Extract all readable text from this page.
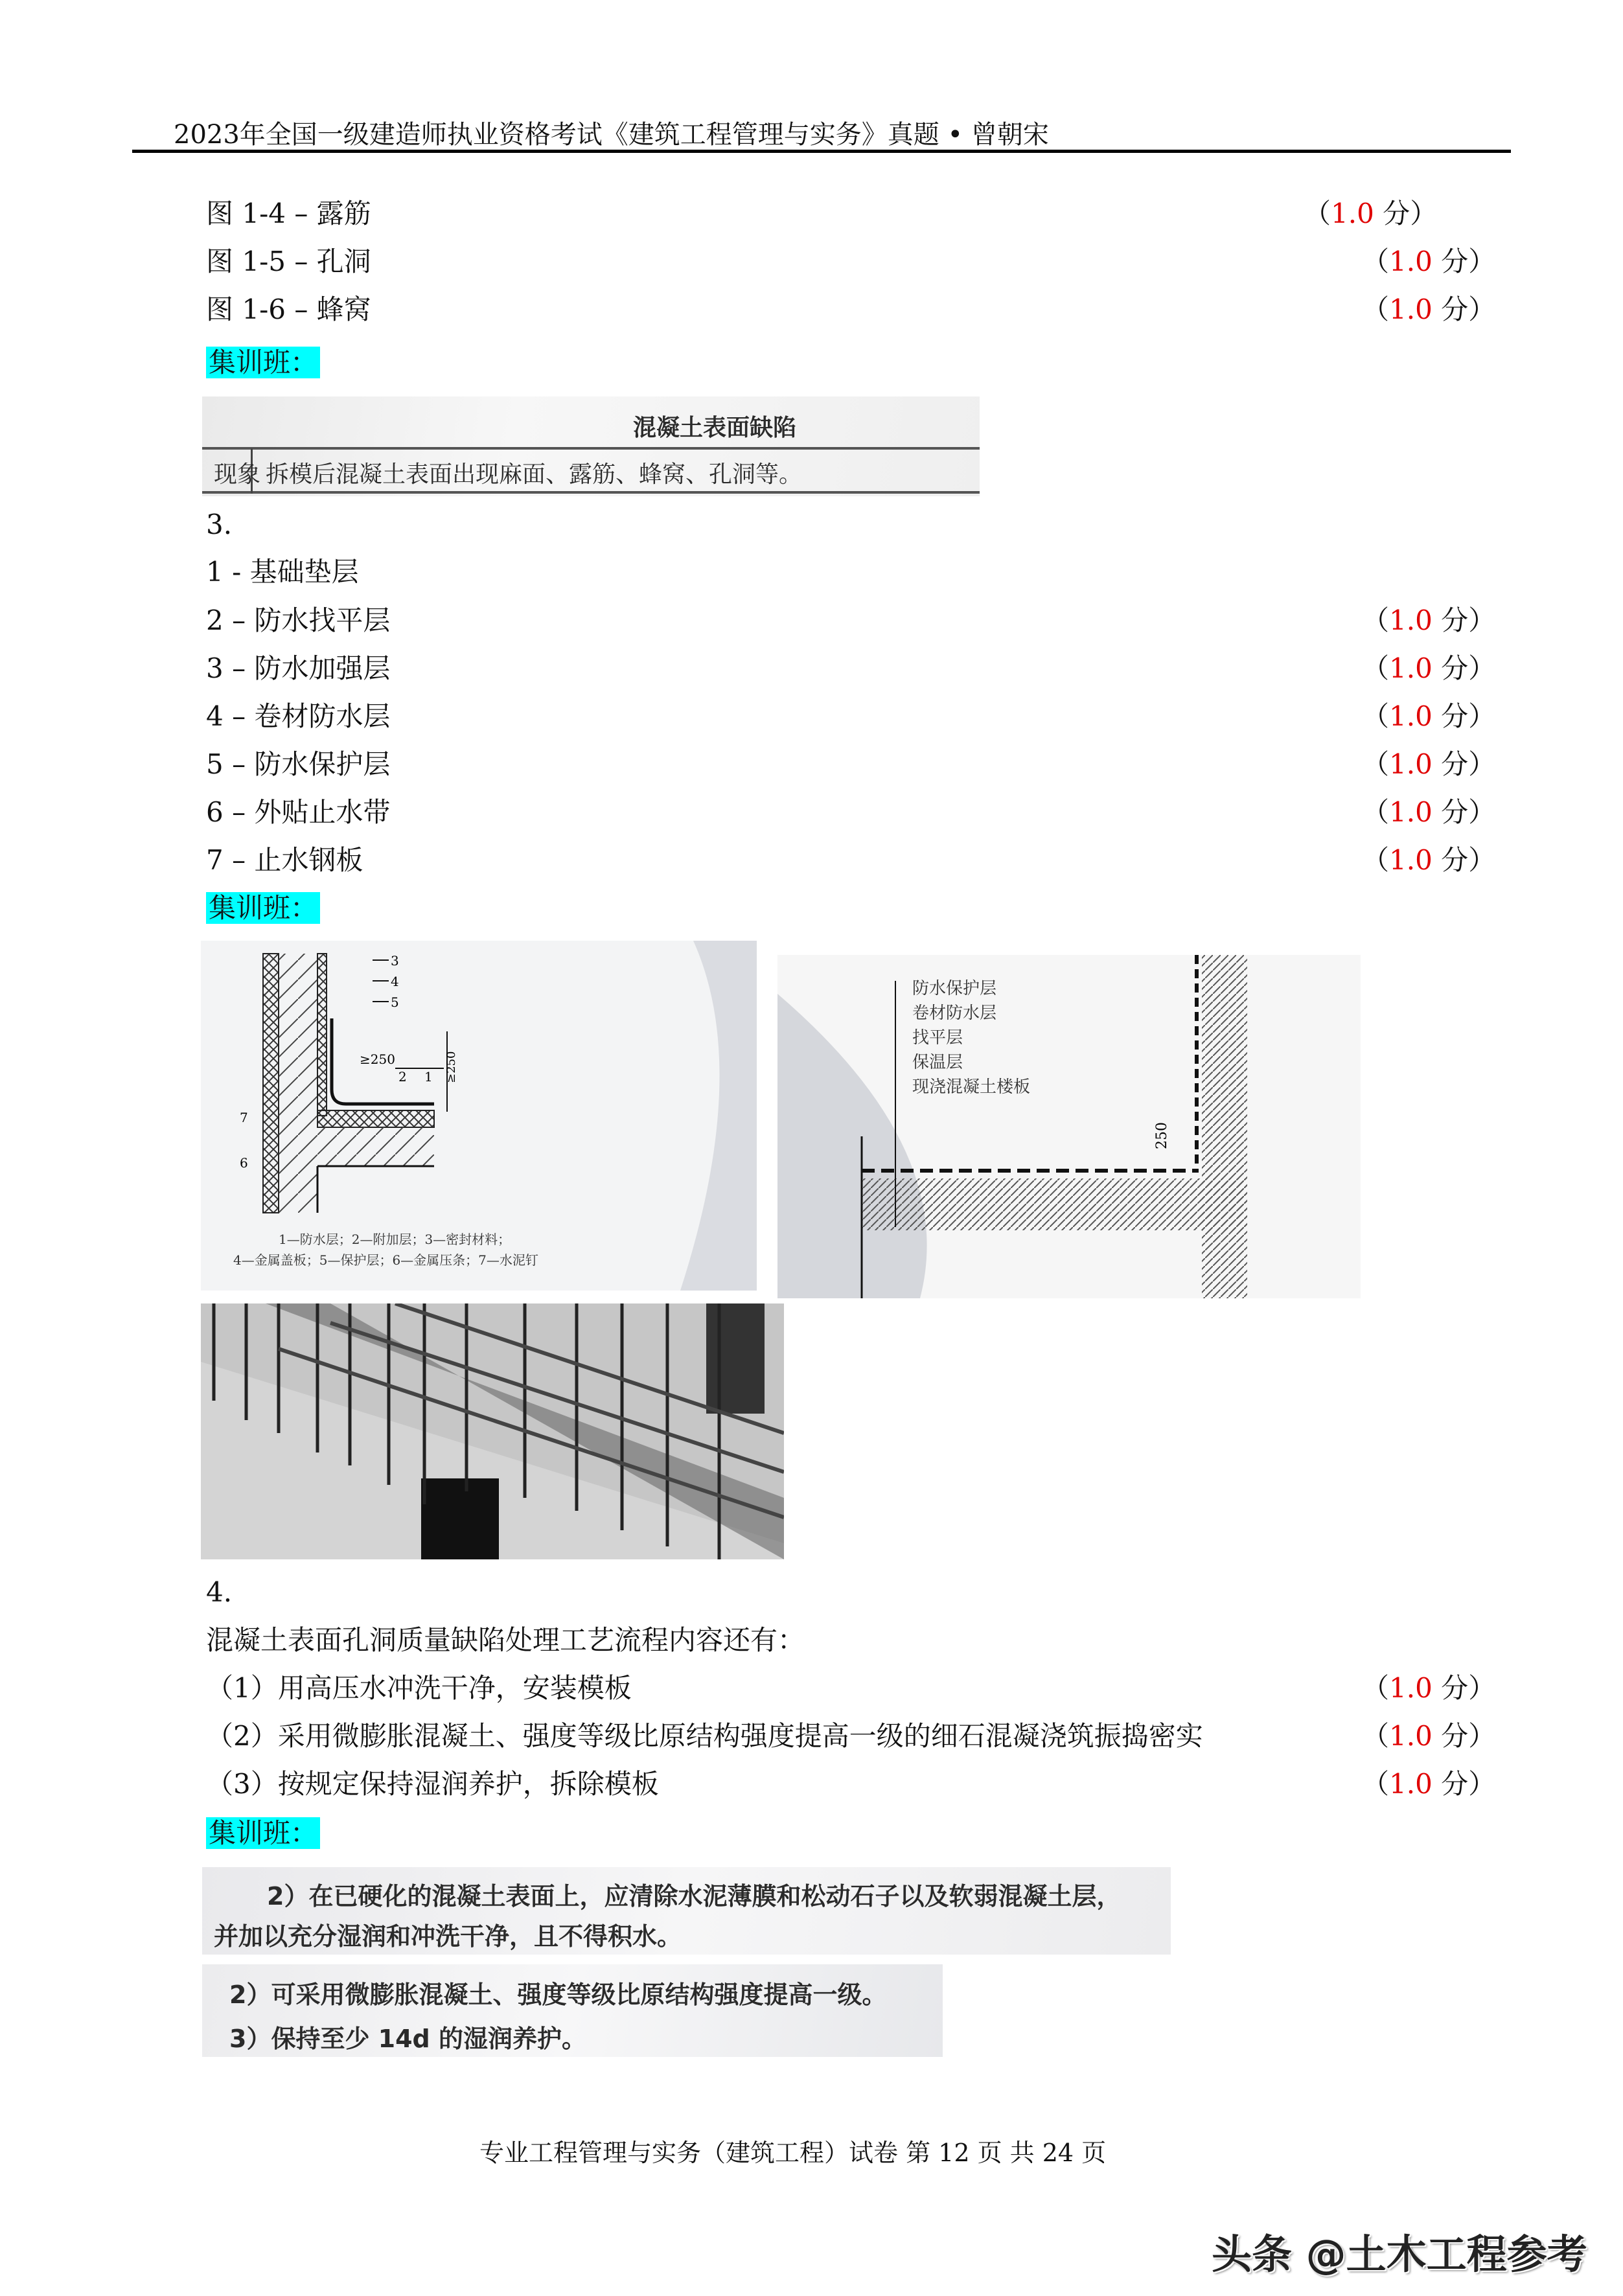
2023年全国一级建造师执业资格考试《建筑工程管理与实务》真题 • 曾朝宋
图 1-4 – 露筋	（1.0 分）
图 1-5 – 孔洞	（1.0 分）
图 1-6 – 蜂窝	（1.0 分）
集训班：
混凝土表面缺陷
现象 拆模后混凝土表面出现麻面、露筋、蜂窝、孔洞等。
3.
1 - 基础垫层
2 – 防水找平层	（1.0 分）
3 – 防水加强层	（1.0 分）
4 – 卷材防水层	（1.0 分）
5 – 防水保护层	（1.0 分）
6 – 外贴止水带	（1.0 分）
7 – 止水钢板	（1.0 分）
集训班：
3
4
5
2 1
7
6
≥250	≥250
1—防水层；2—附加层；3—密封材料；
4—金属盖板；5—保护层；6—金属压条；7—水泥钉
防水保护层
卷材防水层
找平层
保温层
现浇混凝土楼板
250
4.
混凝土表面孔洞质量缺陷处理工艺流程内容还有：
（1）用高压水冲洗干净，安装模板	（1.0 分）
（2）采用微膨胀混凝土、强度等级比原结构强度提高一级的细石混凝浇筑振捣密实	（1.0 分）
（3）按规定保持湿润养护，拆除模板	（1.0 分）
集训班：
2）在已硬化的混凝土表面上，应清除水泥薄膜和松动石子以及软弱混凝土层，
并加以充分湿润和冲洗干净，且不得积水。
2）可采用微膨胀混凝土、强度等级比原结构强度提高一级。
3）保持至少 14d 的湿润养护。
专业工程管理与实务（建筑工程）试卷 第 12 页 共 24 页
头条 @土木工程参考
